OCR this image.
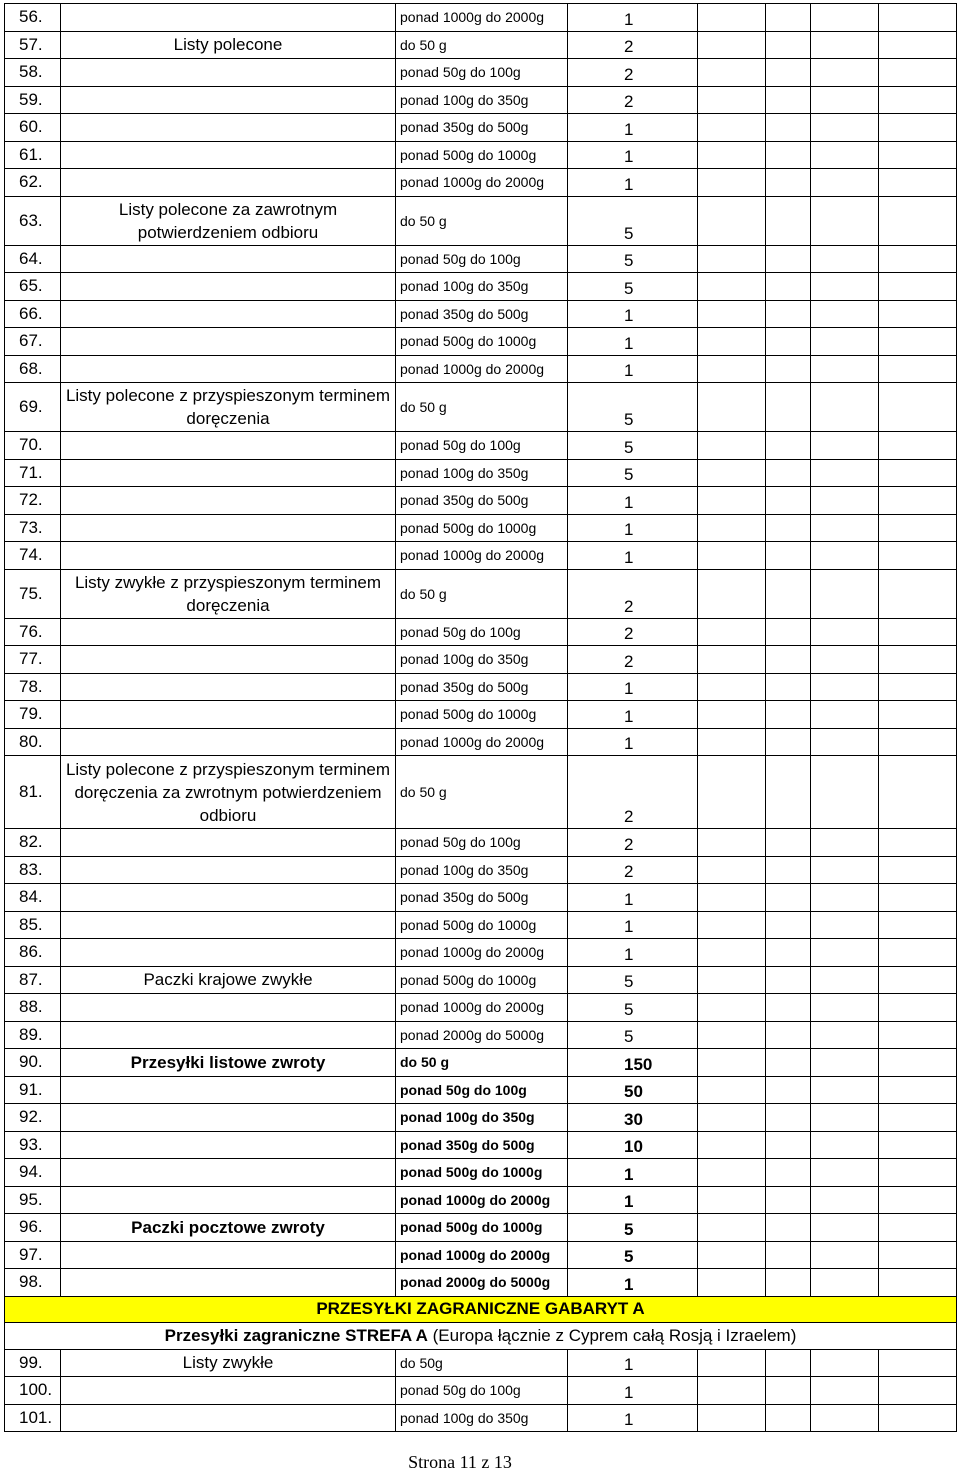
56.		ponad 1000g do 2000g	1				
57.	Listy polecone	do 50 g	2				
58.		ponad 50g do 100g	2				
59.		ponad 100g do 350g	2				
60.		ponad 350g do 500g	1				
61.		ponad 500g do 1000g	1				
62.		ponad 1000g do 2000g	1				
63.	Listy polecone za zawrotnym potwierdzeniem odbioru	do 50 g	5				
64.		ponad 50g do 100g	5				
65.		ponad 100g do 350g	5				
66.		ponad 350g do 500g	1				
67.		ponad 500g do 1000g	1				
68.		ponad 1000g do 2000g	1				
69.	Listy polecone z przyspieszonym terminem doręczenia	do 50 g	5				
70.		ponad 50g do 100g	5				
71.		ponad 100g do 350g	5				
72.		ponad 350g do 500g	1				
73.		ponad 500g do 1000g	1				
74.		ponad 1000g do 2000g	1				
75.	Listy zwykłe z przyspieszonym terminem doręczenia	do 50 g	2				
76.		ponad 50g do 100g	2				
77.		ponad 100g do 350g	2				
78.		ponad 350g do 500g	1				
79.		ponad 500g do 1000g	1				
80.		ponad 1000g do 2000g	1				
81.	Listy polecone z przyspieszonym terminem doręczenia za zwrotnym potwierdzeniem odbioru	do 50 g	2				
82.		ponad 50g do 100g	2				
83.		ponad 100g do 350g	2				
84.		ponad 350g do 500g	1				
85.		ponad 500g do 1000g	1				
86.		ponad 1000g do 2000g	1				
87.	Paczki krajowe zwykłe	ponad 500g do 1000g	5				
88.		ponad 1000g do 2000g	5				
89.		ponad 2000g do 5000g	5				
90.	Przesyłki listowe zwroty	do 50 g	150				
91.		ponad 50g do 100g	50				
92.		ponad 100g do 350g	30				
93.		ponad 350g do 500g	10				
94.		ponad 500g do 1000g	1				
95.		ponad 1000g do 2000g	1				
96.	Paczki pocztowe zwroty	ponad 500g do 1000g	5				
97.		ponad 1000g do 2000g	5				
98.		ponad 2000g do 5000g	1				
PRZESYŁKI ZAGRANICZNE GABARYT A							
Przesyłki zagraniczne STREFA A (Europa łącznie z Cyprem całą Rosją i Izraelem)							
99.	Listy zwykłe	do 50g	1				
100.		ponad 50g do 100g	1				
101.		ponad 100g do 350g	1				
Strona 11 z 13
